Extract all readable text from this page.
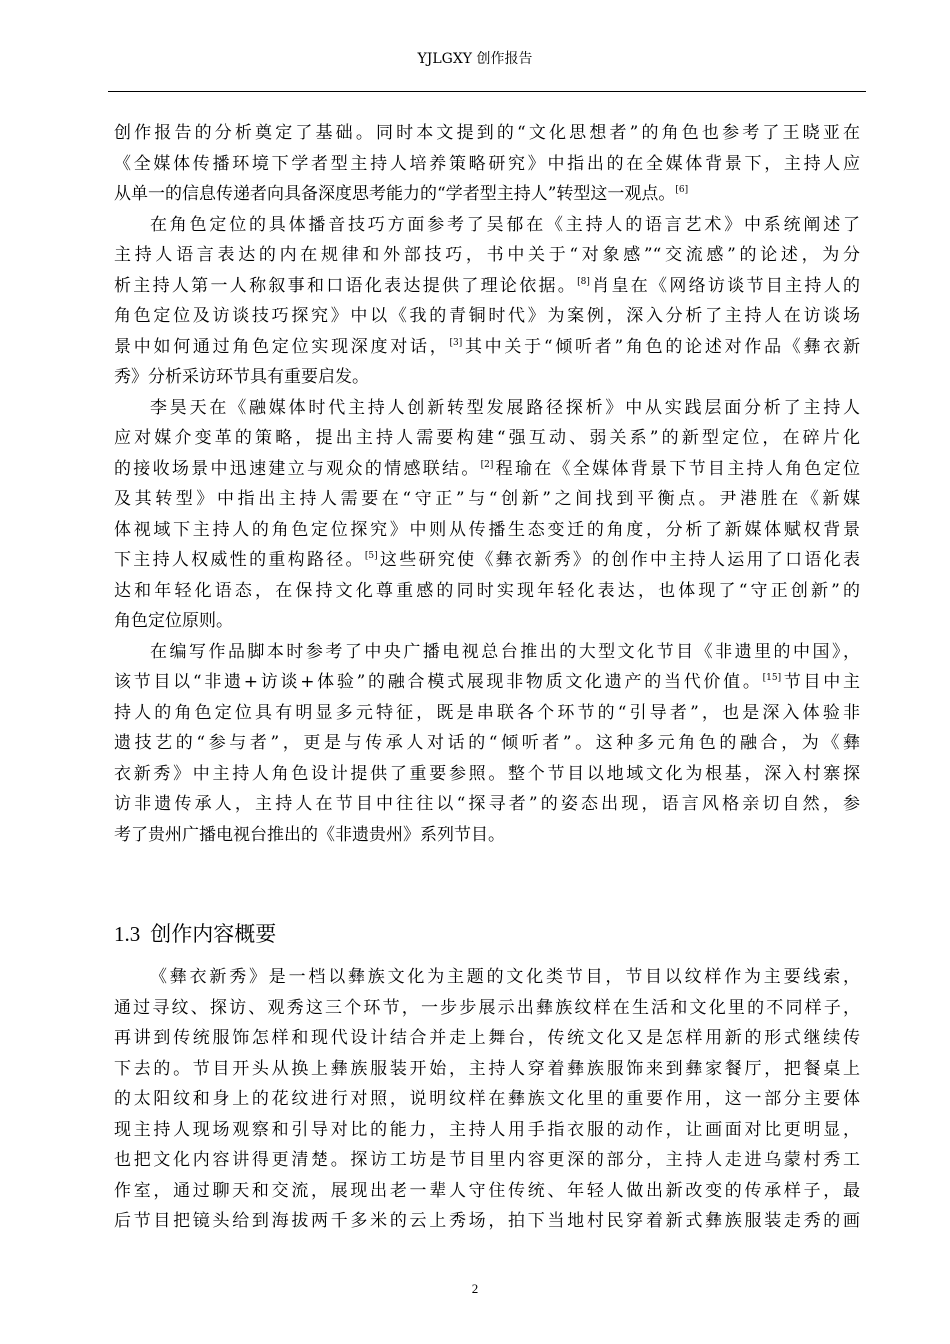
YJLGXY 创作报告
创作报告的分析奠定了基础。同时本文提到的“文化思想者”的角色也参考了王晓亚在
《全媒体传播环境下学者型主持人培养策略研究》中指出的在全媒体背景下，主持人应
从单一的信息传递者向具备深度思考能力的“学者型主持人”转型这一观点。[6]
在角色定位的具体播音技巧方面参考了吴郁在《主持人的语言艺术》中系统阐述了
主持人语言表达的内在规律和外部技巧，书中关于“对象感”“交流感”的论述，为分
析主持人第一人称叙事和口语化表达提供了理论依据。[8]肖皇在《网络访谈节目主持人的
角色定位及访谈技巧探究》中以《我的青铜时代》为案例，深入分析了主持人在访谈场
景中如何通过角色定位实现深度对话，[3]其中关于“倾听者”角色的论述对作品《彝衣新
秀》分析采访环节具有重要启发。
李昊天在《融媒体时代主持人创新转型发展路径探析》中从实践层面分析了主持人
应对媒介变革的策略，提出主持人需要构建“强互动、弱关系”的新型定位，在碎片化
的接收场景中迅速建立与观众的情感联结。[2]程瑜在《全媒体背景下节目主持人角色定位
及其转型》中指出主持人需要在“守正”与“创新”之间找到平衡点。尹港胜在《新媒
体视域下主持人的角色定位探究》中则从传播生态变迁的角度，分析了新媒体赋权背景
下主持人权威性的重构路径。[5]这些研究使《彝衣新秀》的创作中主持人运用了口语化表
达和年轻化语态，在保持文化尊重感的同时实现年轻化表达，也体现了“守正创新”的
角色定位原则。
在编写作品脚本时参考了中央广播电视总台推出的大型文化节目《非遗里的中国》，
该节目以“非遗+访谈+体验”的融合模式展现非物质文化遗产的当代价值。[15]节目中主
持人的角色定位具有明显多元特征，既是串联各个环节的“引导者”，也是深入体验非
遗技艺的“参与者”，更是与传承人对话的“倾听者”。这种多元角色的融合，为《彝
衣新秀》中主持人角色设计提供了重要参照。整个节目以地域文化为根基，深入村寨探
访非遗传承人，主持人在节目中往往以“探寻者”的姿态出现，语言风格亲切自然，参
考了贵州广播电视台推出的《非遗贵州》系列节目。
1.3 创作内容概要
《彝衣新秀》是一档以彝族文化为主题的文化类节目，节目以纹样作为主要线索，
通过寻纹、探访、观秀这三个环节，一步步展示出彝族纹样在生活和文化里的不同样子，
再讲到传统服饰怎样和现代设计结合并走上舞台，传统文化又是怎样用新的形式继续传
下去的。节目开头从换上彝族服装开始，主持人穿着彝族服饰来到彝家餐厅，把餐桌上
的太阳纹和身上的花纹进行对照，说明纹样在彝族文化里的重要作用，这一部分主要体
现主持人现场观察和引导对比的能力，主持人用手指衣服的动作，让画面对比更明显，
也把文化内容讲得更清楚。探访工坊是节目里内容更深的部分，主持人走进乌蒙村秀工
作室，通过聊天和交流，展现出老一辈人守住传统、年轻人做出新改变的传承样子，最
后节目把镜头给到海拔两千多米的云上秀场，拍下当地村民穿着新式彝族服装走秀的画
2
